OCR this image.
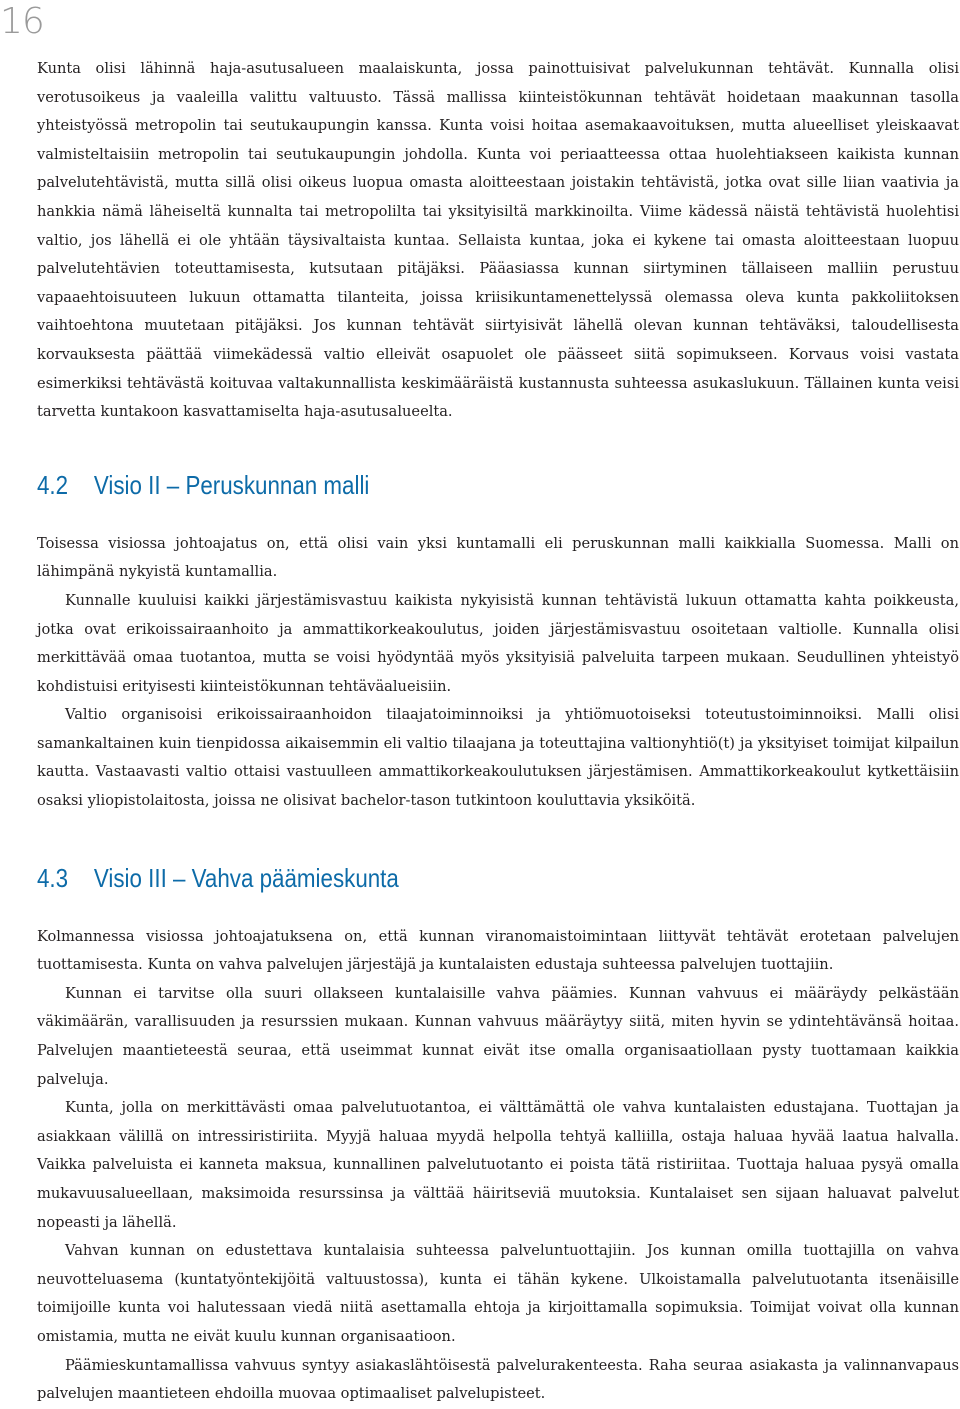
16

Kunta olisi lähinnä haja-asutusalueen maalaiskunta, jossa painottuisivat palvelukunnan tehtävät. Kunnalla olisi verotusoikeus ja vaaleilla valittu valtuusto. Tässä mallissa kiinteistökunnan tehtävät hoidetaan maakunnan tasolla yhteistyössä metropolin tai seutukaupungin kanssa. Kunta voisi hoitaa asemakaavoituksen, mutta alueelliset yleiskaavat valmisteltaisiin metropolin tai seutukaupungin johdolla. Kunta voi periaatteessa ottaa huolehtiakseen kaikista kunnan palvelutehtävistä, mutta sillä olisi oikeus luopua omasta aloitteestaan joistakin tehtävistä, jotka ovat sille liian vaativia ja hankkia nämä läheiseltä kunnalta tai metropolilta tai yksityisiltä markkinoilta. Viime kädessä näistä tehtävistä huolehtisi valtio, jos lähellä ei ole yhtään täysivaltaista kuntaa. Sellaista kuntaa, joka ei kykene tai omasta aloitteestaan luopuu palvelutehtävien toteuttamisesta, kutsutaan pitäjäksi. Pääasiassa kunnan siirtyminen tällaiseen malliin perustuu vapaaehtoisuuteen lukuun ottamatta tilanteita, joissa kriisikuntamenettelyssä olemassa oleva kunta pakkoliitoksen vaihtoehtona muutetaan pitäjäksi. Jos kunnan tehtävät siirtyisivät lähellä olevan kunnan tehtäväksi, taloudellisesta korvauksesta päättää viimekädessä valtio elleivät osapuolet ole päässeet siitä sopimukseen. Korvaus voisi vastata esimerkiksi tehtävästä koituvaa valtakunnallista keskimääräistä kustannusta suhteessa asukaslukuun. Tällainen kunta veisi tarvetta kuntakoon kasvattamiselta haja-asutusalueelta.

4.2 Visio II – Peruskunnan malli

Toisessa visiossa johtoajatus on, että olisi vain yksi kuntamalli eli peruskunnan malli kaikkialla Suomessa. Malli on lähimpänä nykyistä kuntamallia.

Kunnalle kuuluisi kaikki järjestämisvastuu kaikista nykyisistä kunnan tehtävistä lukuun ottamatta kahta poikkeusta, jotka ovat erikoissairaanhoito ja ammattikorkeakoulutus, joiden järjestämisvastuu osoitetaan valtiolle. Kunnalla olisi merkittävää omaa tuotantoa, mutta se voisi hyödyntää myös yksityisiä palveluita tarpeen mukaan. Seudullinen yhteistyö kohdistuisi erityisesti kiinteistökunnan tehtäväalueisiin.

Valtio organisoisi erikoissairaanhoidon tilaajatoiminnoiksi ja yhtiömuotoiseksi toteutustoiminnoiksi. Malli olisi samankaltainen kuin tienpidossa aikaisemmin eli valtio tilaajana ja toteuttajina valtionyhtiö(t) ja yksityiset toimijat kilpailun kautta. Vastaavasti valtio ottaisi vastuulleen ammattikorkeakoulutuksen järjestämisen. Ammattikorkeakoulut kytkettäisiin osaksi yliopistolaitosta, joissa ne olisivat bachelor-tason tutkintoon kouluttavia yksiköitä.

4.3 Visio III – Vahva päämieskunta

Kolmannessa visiossa johtoajatuksena on, että kunnan viranomaistoimintaan liittyvät tehtävät erotetaan palvelujen tuottamisesta. Kunta on vahva palvelujen järjestäjä ja kuntalaisten edustaja suhteessa palvelujen tuottajiin.

Kunnan ei tarvitse olla suuri ollakseen kuntalaisille vahva päämies. Kunnan vahvuus ei määräydy pelkästään väkimäärän, varallisuuden ja resurssien mukaan. Kunnan vahvuus määräytyy siitä, miten hyvin se ydintehtävänsä hoitaa. Palvelujen maantieteestä seuraa, että useimmat kunnat eivät itse omalla organisaatiollaan pysty tuottamaan kaikkia palveluja.

Kunta, jolla on merkittävästi omaa palvelutuotantoa, ei välttämättä ole vahva kuntalaisten edustajana. Tuottajan ja asiakkaan välillä on intressiristiriita. Myyjä haluaa myydä helpolla tehtyä kalliilla, ostaja haluaa hyvää laatua halvalla. Vaikka palveluista ei kanneta maksua, kunnallinen palvelutuotanto ei poista tätä ristiriitaa. Tuottaja haluaa pysyä omalla mukavuusalueellaan, maksimoida resurssinsa ja välttää häiritseviä muutoksia. Kuntalaiset sen sijaan haluavat palvelut nopeasti ja lähellä.

Vahvan kunnan on edustettava kuntalaisia suhteessa palveluntuottajiin. Jos kunnan omilla tuottajilla on vahva neuvotteluasema (kuntatyöntekijöitä valtuustossa), kunta ei tähän kykene. Ulkoistamalla palvelutuotanta itsenäisille toimijoille kunta voi halutessaan viedä niitä asettamalla ehtoja ja kirjoittamalla sopimuksia. Toimijat voivat olla kunnan omistamia, mutta ne eivät kuulu kunnan organisaatioon.

Päämieskuntamallissa vahvuus syntyy asiakaslähtöisestä palvelurakenteesta. Raha seuraa asiakasta ja valinnanvapaus palvelujen maantieteen ehdoilla muovaa optimaaliset palvelupisteet.
